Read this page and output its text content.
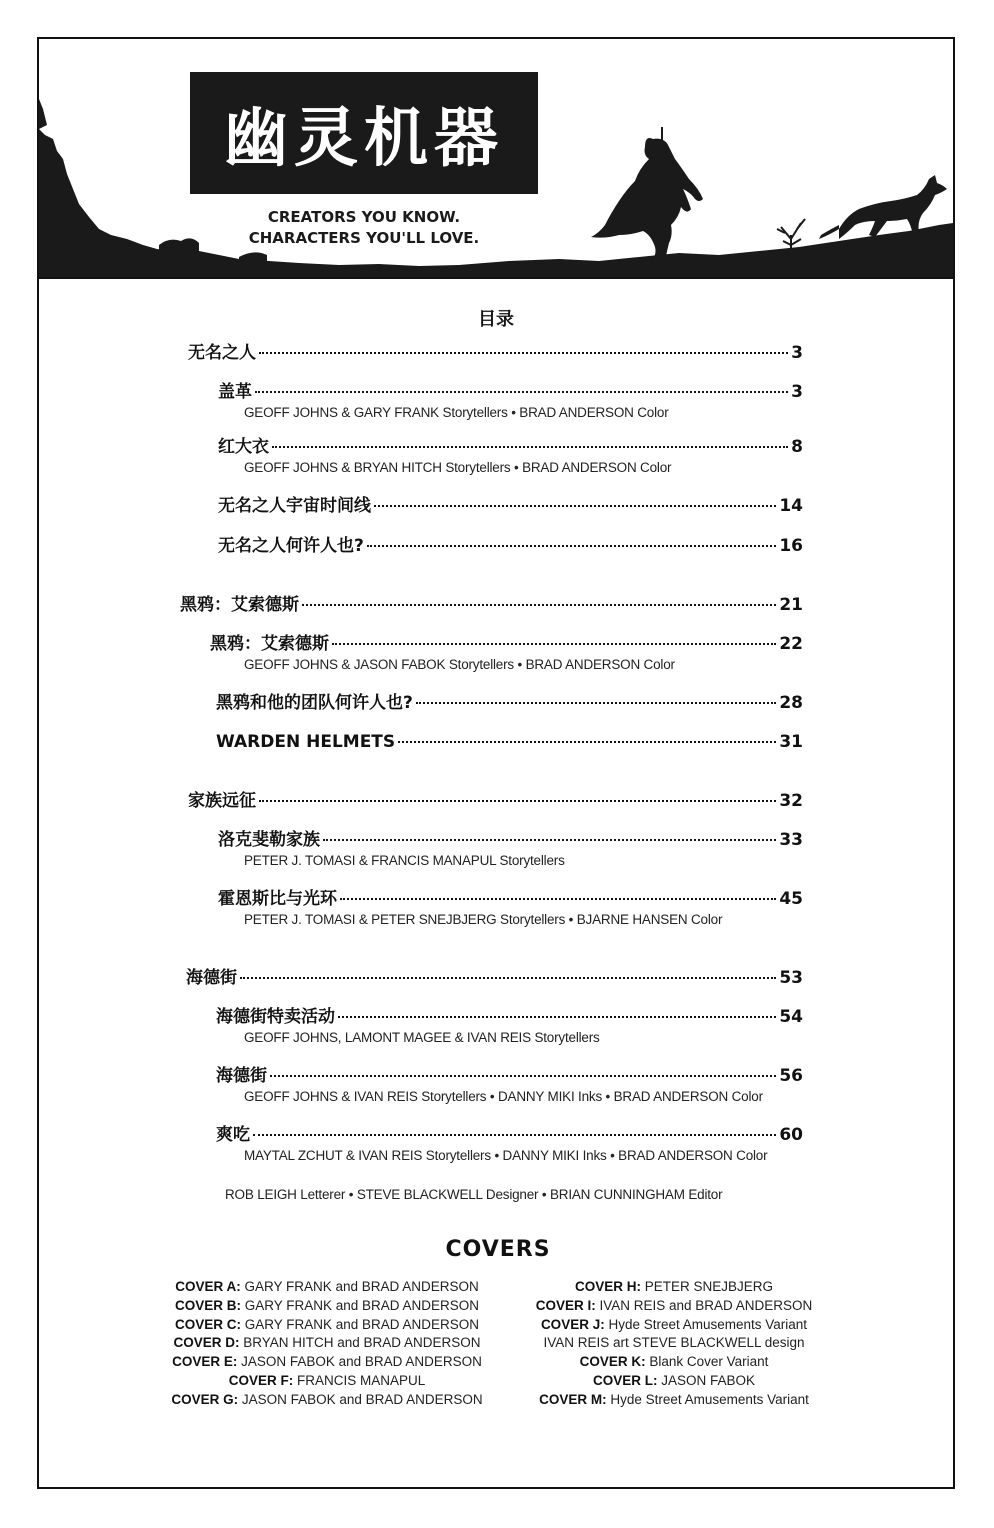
幽灵机器
CREATORS YOU KNOW.
CHARACTERS YOU'LL LOVE.
目录
无名之人	3
盖革	3
GEOFF JOHNS & GARY FRANK Storytellers • BRAD ANDERSON Color
红大衣	8
GEOFF JOHNS & BRYAN HITCH Storytellers • BRAD ANDERSON Color
无名之人宇宙时间线	14
无名之人何许人也?	16
黑鸦：艾索德斯	21
黑鸦：艾索德斯	22
GEOFF JOHNS & JASON FABOK Storytellers • BRAD ANDERSON Color
黑鸦和他的团队何许人也?	28
WARDEN HELMETS	31
家族远征	32
洛克斐勒家族	33
PETER J. TOMASI & FRANCIS MANAPUL Storytellers
霍恩斯比与光环	45
PETER J. TOMASI & PETER SNEJBJERG Storytellers • BJARNE HANSEN Color
海德街	53
海德街特卖活动	54
GEOFF JOHNS, LAMONT MAGEE & IVAN REIS Storytellers
海德街	56
GEOFF JOHNS & IVAN REIS Storytellers • DANNY MIKI Inks • BRAD ANDERSON Color
爽吃	60
MAYTAL ZCHUT & IVAN REIS Storytellers • DANNY MIKI Inks • BRAD ANDERSON Color
ROB LEIGH Letterer • STEVE BLACKWELL Designer • BRIAN CUNNINGHAM Editor
COVERS
COVER A: GARY FRANK and BRAD ANDERSON
COVER B: GARY FRANK and BRAD ANDERSON
COVER C: GARY FRANK and BRAD ANDERSON
COVER D: BRYAN HITCH and BRAD ANDERSON
COVER E: JASON FABOK and BRAD ANDERSON
COVER F: FRANCIS MANAPUL
COVER G: JASON FABOK and BRAD ANDERSON
COVER H: PETER SNEJBJERG
COVER I: IVAN REIS and BRAD ANDERSON
COVER J: Hyde Street Amusements Variant
IVAN REIS art STEVE BLACKWELL design
COVER K: Blank Cover Variant
COVER L: JASON FABOK
COVER M: Hyde Street Amusements Variant
